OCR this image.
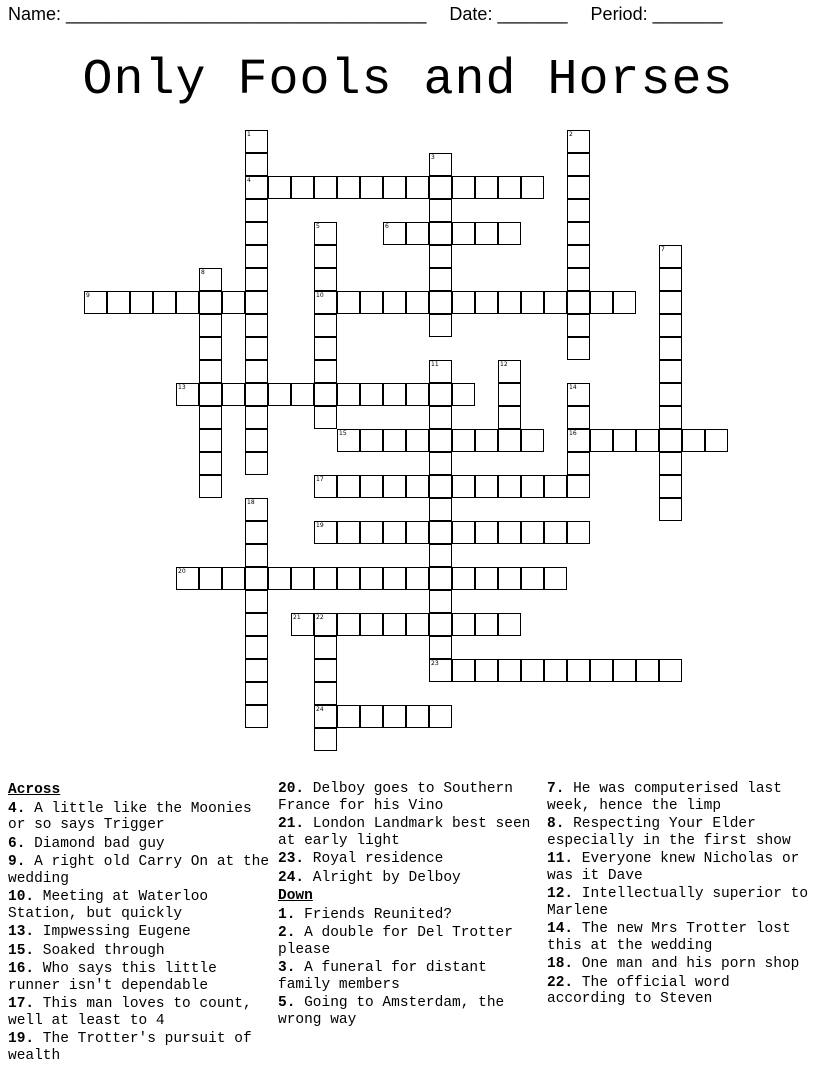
Name: ____________________________________ Date: _______ Period: _______
Only Fools and Horses
1	2
3
4
5	6
7
8
9	10
11	12
13	14
15	16
17
18
19
20
21	22
23
24
Across
4. A little like the Moonies or so says Trigger
6. Diamond bad guy
9. A right old Carry On at the wedding
10. Meeting at Waterloo Station, but quickly
13. Impwessing Eugene
15. Soaked through
16. Who says this little runner isn't dependable
17. This man loves to count, well at least to 4
19. The Trotter's pursuit of wealth
20. Delboy goes to Southern France for his Vino
21. London Landmark best seen at early light
23. Royal residence
24. Alright by Delboy
Down
1. Friends Reunited?
2. A double for Del Trotter please
3. A funeral for distant family members
5. Going to Amsterdam, the wrong way
7. He was computerised last week, hence the limp
8. Respecting Your Elder especially in the first show
11. Everyone knew Nicholas or was it Dave
12. Intellectually superior to Marlene
14. The new Mrs Trotter lost this at the wedding
18. One man and his porn shop
22. The official word according to Steven
